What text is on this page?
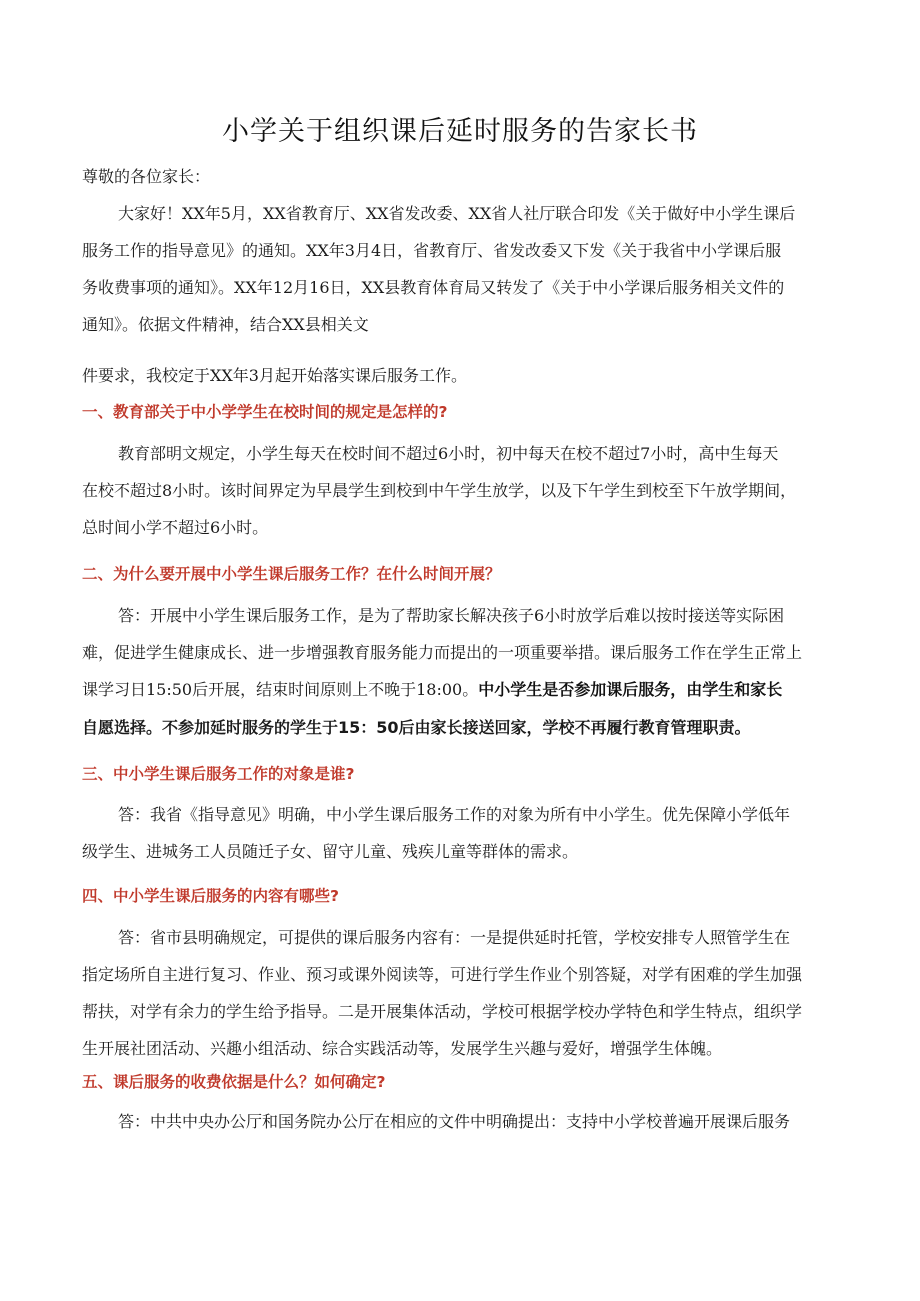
小学关于组织课后延时服务的告家长书
尊敬的各位家长：
大家好！XX年5月，XX省教育厅、XX省发改委、XX省人社厅联合印发《关于做好中小学生课后
服务工作的指导意见》的通知。XX年3月4日，省教育厅、省发改委又下发《关于我省中小学课后服
务收费事项的通知》。XX年12月16日，XX县教育体育局又转发了《关于中小学课后服务相关文件的
通知》。依据文件精神，结合XX县相关文
件要求，我校定于XX年3月起开始落实课后服务工作。
一、教育部关于中小学学生在校时间的规定是怎样的?
教育部明文规定，小学生每天在校时间不超过6小时，初中每天在校不超过7小时，高中生每天
在校不超过8小时。该时间界定为早晨学生到校到中午学生放学，以及下午学生到校至下午放学期间，
总时间小学不超过6小时。
二、为什么要开展中小学生课后服务工作？在什么时间开展？
答：开展中小学生课后服务工作，是为了帮助家长解决孩子6小时放学后难以按时接送等实际困
难，促进学生健康成长、进一步增强教育服务能力而提出的一项重要举措。课后服务工作在学生正常上
课学习日15:50后开展，结束时间原则上不晚于18:00。中小学生是否参加课后服务，由学生和家长
自愿选择。不参加延时服务的学生于15：50后由家长接送回家，学校不再履行教育管理职责。
三、中小学生课后服务工作的对象是谁?
答：我省《指导意见》明确，中小学生课后服务工作的对象为所有中小学生。优先保障小学低年
级学生、进城务工人员随迁子女、留守儿童、残疾儿童等群体的需求。
四、中小学生课后服务的内容有哪些?
答：省市县明确规定，可提供的课后服务内容有：一是提供延时托管，学校安排专人照管学生在
指定场所自主进行复习、作业、预习或课外阅读等，可进行学生作业个别答疑，对学有困难的学生加强
帮扶，对学有余力的学生给予指导。二是开展集体活动，学校可根据学校办学特色和学生特点，组织学
生开展社团活动、兴趣小组活动、综合实践活动等，发展学生兴趣与爱好，增强学生体魄。
五、课后服务的收费依据是什么？如何确定?
答：中共中央办公厅和国务院办公厅在相应的文件中明确提出：支持中小学校普遍开展课后服务
